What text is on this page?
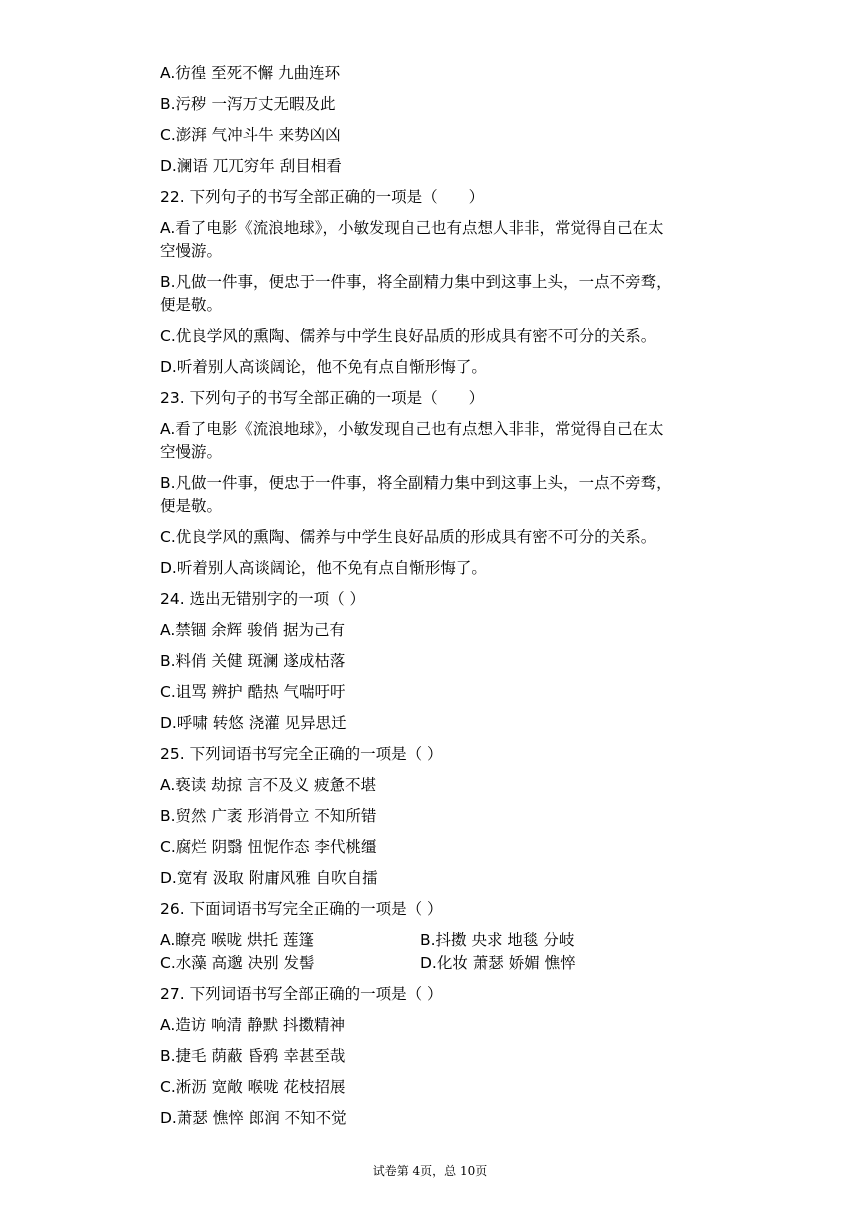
A.彷徨 至死不懈 九曲连环
B.污秽 一泻万丈无暇及此
C.澎湃 气冲斗牛 来势凶凶
D.澜语 兀兀穷年 刮目相看
22. 下列句子的书写全部正确的一项是（　　）
A.看了电影《流浪地球》，小敏发现自己也有点想人非非，常觉得自己在太
空慢游。
B.凡做一件事，便忠于一件事，将全副精力集中到这事上头，一点不旁骛，
便是敬。
C.优良学风的熏陶、儒养与中学生良好品质的形成具有密不可分的关系。
D.听着别人高谈阔论，他不免有点自惭形悔了。
23. 下列句子的书写全部正确的一项是（　　）
A.看了电影《流浪地球》，小敏发现自己也有点想入非非，常觉得自己在太
空慢游。
B.凡做一件事，便忠于一件事，将全副精力集中到这事上头，一点不旁骛，
便是敬。
C.优良学风的熏陶、儒养与中学生良好品质的形成具有密不可分的关系。
D.听着别人高谈阔论，他不免有点自惭形悔了。
24. 选出无错别字的一项（ ）
A.禁锢 余辉 骏俏 据为己有
B.料俏 关健 斑澜 遂成枯落
C.诅骂 辨护 酷热 气喘吁吁
D.呼啸 转悠 浇灌 见异思迁
25. 下列词语书写完全正确的一项是（ ）
A.亵读 劫掠 言不及义 疲惫不堪
B.贸然 广袤 形消骨立 不知所错
C.腐烂 阴翳 忸怩作态 李代桃缰
D.宽宥 汲取 附庸风雅 自吹自擂
26. 下面词语书写完全正确的一项是（ ）
A.瞭亮 喉咙 烘托 莲篷	B.抖擞 央求 地毯 分岐
C.水藻 高邈 决别 发髻	D.化妆 萧瑟 娇媚 憔悴
27. 下列词语书写全部正确的一项是（ ）
A.造访 响清 静默 抖擞精神
B.捷毛 荫蔽 昏鸦 幸甚至哉
C.淅沥 宽敞 喉咙 花枝招展
D.萧瑟 憔悴 郎润 不知不觉
试卷第 4页，总 10页
